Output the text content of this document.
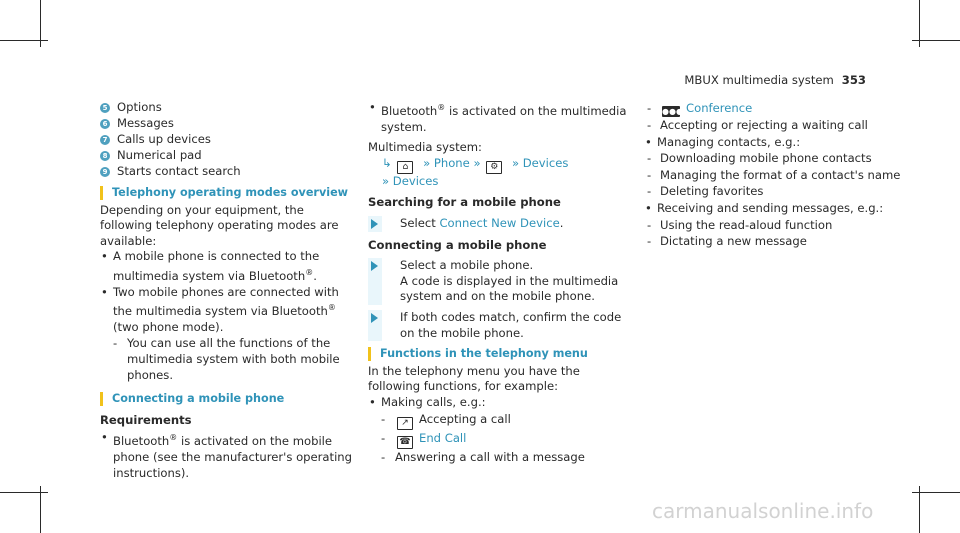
MBUX multimedia system 353
5 Options
6 Messages
7 Calls up devices
8 Numerical pad
9 Starts contact search
Telephony operating modes overview

Depending on your equipment, the following telephony operating modes are available:

• A mobile phone is connected to the multimedia system via Bluetooth®.
• Two mobile phones are connected with the multimedia system via Bluetooth® (two phone mode).
- You can use all the functions of the multimedia system with both mobile phones.
Connecting a mobile phone
Requirements
• Bluetooth® is activated on the mobile phone (see the manufacturer's operating instructions).
• Bluetooth® is activated on the multimedia system.

Multimedia system:

↳ ⌂ » Phone » ⚙ » Devices
» Devices
Searching for a mobile phone
Select Connect New Device.
Connecting a mobile phone

Select a mobile phone.

A code is displayed in the multimedia system and on the mobile phone.

If both codes match, confirm the code on the mobile phone.
Functions in the telephony menu

In the telephony menu you have the following functions, for example:

• Making calls, e.g.:
- ↗ Accepting a call
- ☎ End Call
- Answering a call with a message
- ●●● Conference
- Accepting or rejecting a waiting call
• Managing contacts, e.g.:
- Downloading mobile phone contacts
- Managing the format of a contact's name
- Deleting favorites
• Receiving and sending messages, e.g.:
- Using the read-aloud function
- Dictating a new message
carmanualsonline.info
